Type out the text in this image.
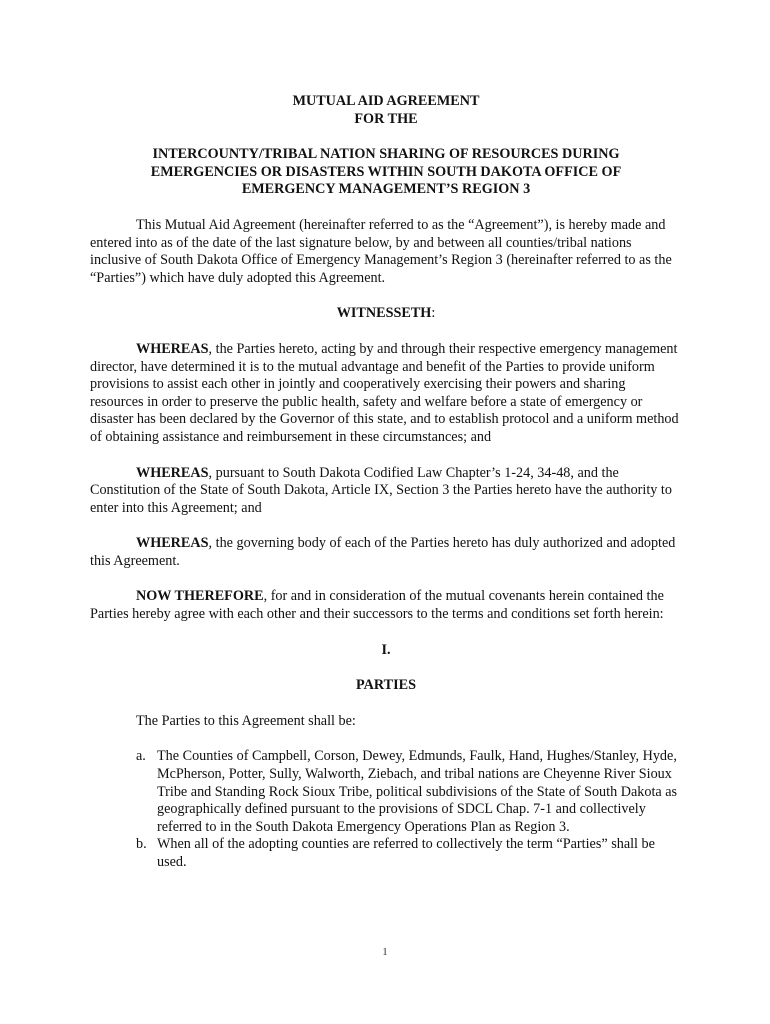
MUTUAL AID AGREEMENT

FOR THE

INTERCOUNTY/TRIBAL NATION SHARING OF RESOURCES DURING

EMERGENCIES OR DISASTERS WITHIN SOUTH DAKOTA OFFICE OF

EMERGENCY MANAGEMENT’S REGION 3

This Mutual Aid Agreement (hereinafter referred to as the “Agreement”), is hereby made and entered into as of the date of the last signature below, by and between all counties/tribal nations inclusive of South Dakota Office of Emergency Management’s Region 3 (hereinafter referred to as the “Parties”) which have duly adopted this Agreement.

WITNESSETH:

WHEREAS, the Parties hereto, acting by and through their respective emergency management director, have determined it is to the mutual advantage and benefit of the Parties to provide uniform provisions to assist each other in jointly and cooperatively exercising their powers and sharing resources in order to preserve the public health, safety and welfare before a state of emergency or disaster has been declared by the Governor of this state, and to establish protocol and a uniform method of obtaining assistance and reimbursement in these circumstances; and

WHEREAS, pursuant to South Dakota Codified Law Chapter’s 1-24, 34-48, and the Constitution of the State of South Dakota, Article IX, Section 3 the Parties hereto have the authority to enter into this Agreement; and

WHEREAS, the governing body of each of the Parties hereto has duly authorized and adopted this Agreement.

NOW THEREFORE, for and in consideration of the mutual covenants herein contained the Parties hereby agree with each other and their successors to the terms and conditions set forth herein:

I.

PARTIES

The Parties to this Agreement shall be:

a. The Counties of Campbell, Corson, Dewey, Edmunds, Faulk, Hand, Hughes/Stanley, Hyde, McPherson, Potter, Sully, Walworth, Ziebach, and tribal nations are Cheyenne River Sioux Tribe and Standing Rock Sioux Tribe, political subdivisions of the State of South Dakota as geographically defined pursuant to the provisions of SDCL Chap. 7-1 and collectively referred to in the South Dakota Emergency Operations Plan as Region 3.
b. When all of the adopting counties are referred to collectively the term “Parties” shall be used.
1
